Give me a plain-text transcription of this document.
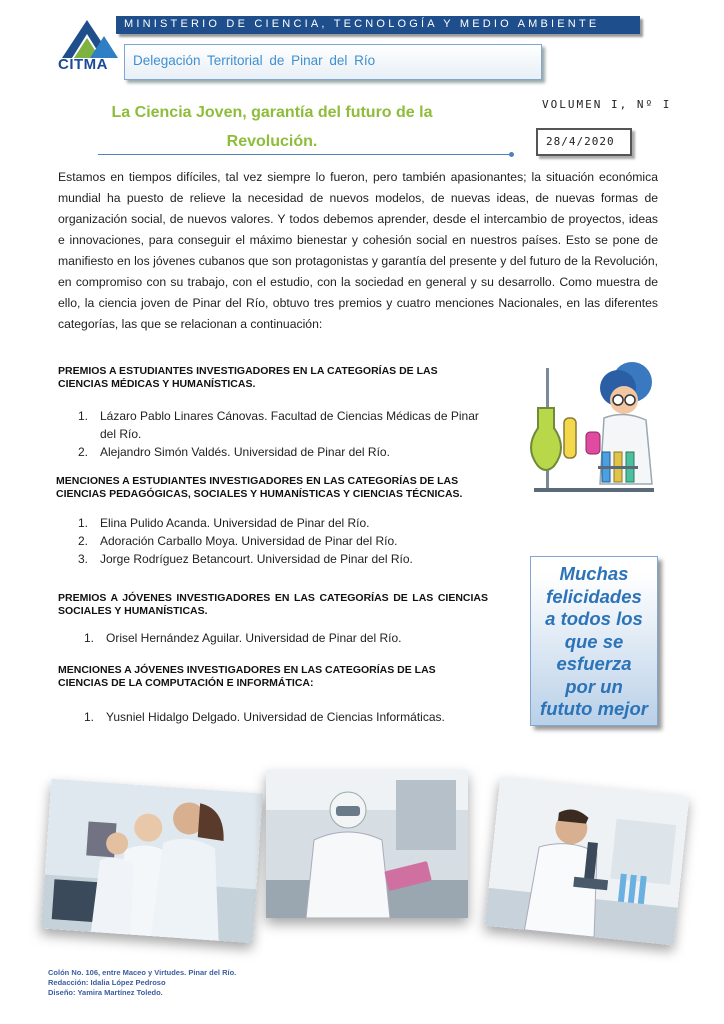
CITMA
MINISTERIO DE CIENCIA, TECNOLOGÍA Y MEDIO AMBIENTE
Delegación Territorial de Pinar del Río
La Ciencia Joven, garantía del futuro de la
Revolución.
VOLUMEN I, Nº I
28/4/2020
Estamos en tiempos difíciles, tal vez siempre lo fueron, pero también apasionantes; la situación económica mundial ha puesto de relieve la necesidad de nuevos modelos, de nuevas ideas, de nuevas formas de organización social, de nuevos valores. Y todos debemos aprender, desde el intercambio de proyectos, ideas e innovaciones, para conseguir el máximo bienestar y cohesión social en nuestros países. Esto se pone de manifiesto en los jóvenes cubanos que son protagonistas y garantía del presente y del futuro de la Revolución, en compromiso con su trabajo, con el estudio, con la sociedad en general y su desarrollo. Como muestra de ello, la ciencia joven de Pinar del Río, obtuvo tres premios y cuatro menciones Nacionales, en las diferentes categorías, las que se relacionan a continuación:
PREMIOS A ESTUDIANTES INVESTIGADORES EN LA CATEGORÍAS DE LAS CIENCIAS MÉDICAS Y HUMANÍSTICAS.
1. Lázaro Pablo Linares Cánovas. Facultad de Ciencias Médicas de Pinar del Río.
2. Alejandro Simón Valdés. Universidad de Pinar del Río.
MENCIONES A ESTUDIANTES INVESTIGADORES EN LAS CATEGORÍAS DE LAS CIENCIAS PEDAGÓGICAS, SOCIALES Y HUMANÍSTICAS Y CIENCIAS TÉCNICAS.
1. Elina Pulido Acanda. Universidad de Pinar del Río.
2. Adoración Carballo Moya. Universidad de Pinar del Río.
3. Jorge Rodríguez Betancourt. Universidad de Pinar del Río.
PREMIOS A JÓVENES INVESTIGADORES EN LAS CATEGORÍAS DE LAS CIENCIAS SOCIALES Y HUMANÍSTICAS.
1. Orisel Hernández Aguilar. Universidad de Pinar del Río.
MENCIONES A JÓVENES INVESTIGADORES EN LAS CATEGORÍAS DE LAS CIENCIAS DE LA COMPUTACIÓN E INFORMÁTICA:
1. Yusniel Hidalgo Delgado. Universidad de Ciencias Informáticas.
Muchas
felicidades
a todos los
que se
esfuerza
por un
fututo mejor
Colón No. 106, entre Maceo y Virtudes. Pinar del Río.
Redacción: Idalia López Pedroso
Diseño: Yamira Martínez Toledo.
